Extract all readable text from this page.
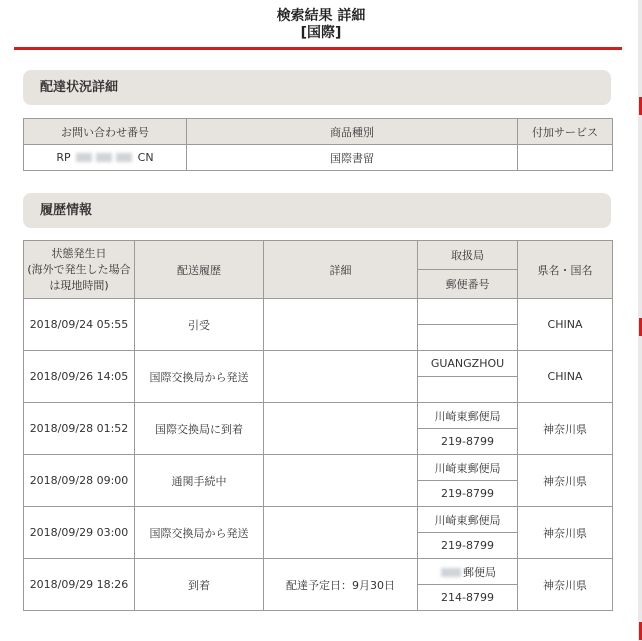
検索結果 詳細
[国際]
配達状況詳細
お問い合わせ番号	商品種別	付加サービス
RP CN	国際書留	
履歴情報
状態発生日
(海外で発生した場合は現地時間)	配送履歴	詳細	取扱局	県名・国名
			郵便番号	
2018/09/24 05:55	引受			CHINA

2018/09/26 14:05	国際交換局から発送		GUANGZHOU	CHINA

2018/09/28 01:52	国際交換局に到着		川崎東郵便局	神奈川県
			219-8799	
2018/09/28 09:00	通関手続中		川崎東郵便局	神奈川県
			219-8799	
2018/09/29 03:00	国際交換局から発送		川崎東郵便局	神奈川県
			219-8799	
2018/09/29 18:26	到着	配達予定日：9月30日	郵便局	神奈川県
			214-8799	
